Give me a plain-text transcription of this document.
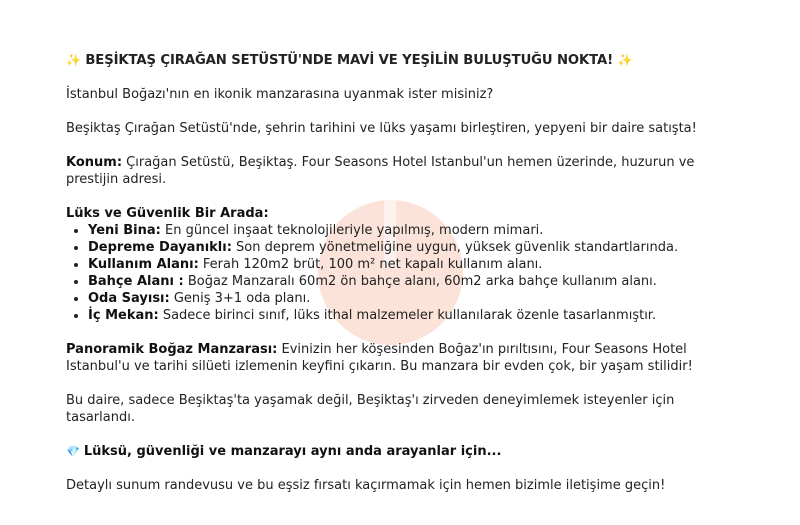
✨ BEŞİKTAŞ ÇIRAĞAN SETÜSTÜ'NDE MAVİ VE YEŞİLİN BULUŞTUĞU NOKTA! ✨

İstanbul Boğazı'nın en ikonik manzarasına uyanmak ister misiniz?

Beşiktaş Çırağan Setüstü'nde, şehrin tarihini ve lüks yaşamı birleştiren, yepyeni bir daire satışta!

Konum: Çırağan Setüstü, Beşiktaş. Four Seasons Hotel Istanbul'un hemen üzerinde, huzurun ve prestijin adresi.

Lüks ve Güvenlik Bir Arada:

• Yeni Bina: En güncel inşaat teknolojileriyle yapılmış, modern mimari.
• Depreme Dayanıklı: Son deprem yönetmeliğine uygun, yüksek güvenlik standartlarında.
• Kullanım Alanı: Ferah 120m2 brüt, 100 m² net kapalı kullanım alanı.
• Bahçe Alanı : Boğaz Manzaralı 60m2 ön bahçe alanı, 60m2 arka bahçe kullanım alanı.
• Oda Sayısı: Geniş 3+1 oda planı.
• İç Mekan: Sadece birinci sınıf, lüks ithal malzemeler kullanılarak özenle tasarlanmıştır.

Panoramik Boğaz Manzarası: Evinizin her köşesinden Boğaz'ın pırıltısını, Four Seasons Hotel Istanbul'u ve tarihi silüeti izlemenin keyfini çıkarın. Bu manzara bir evden çok, bir yaşam stilidir!

Bu daire, sadece Beşiktaş'ta yaşamak değil, Beşiktaş'ı zirveden deneyimlemek isteyenler için tasarlandı.

💎 Lüksü, güvenliği ve manzarayı aynı anda arayanlar için...

Detaylı sunum randevusu ve bu eşsiz fırsatı kaçırmamak için hemen bizimle iletişime geçin!
